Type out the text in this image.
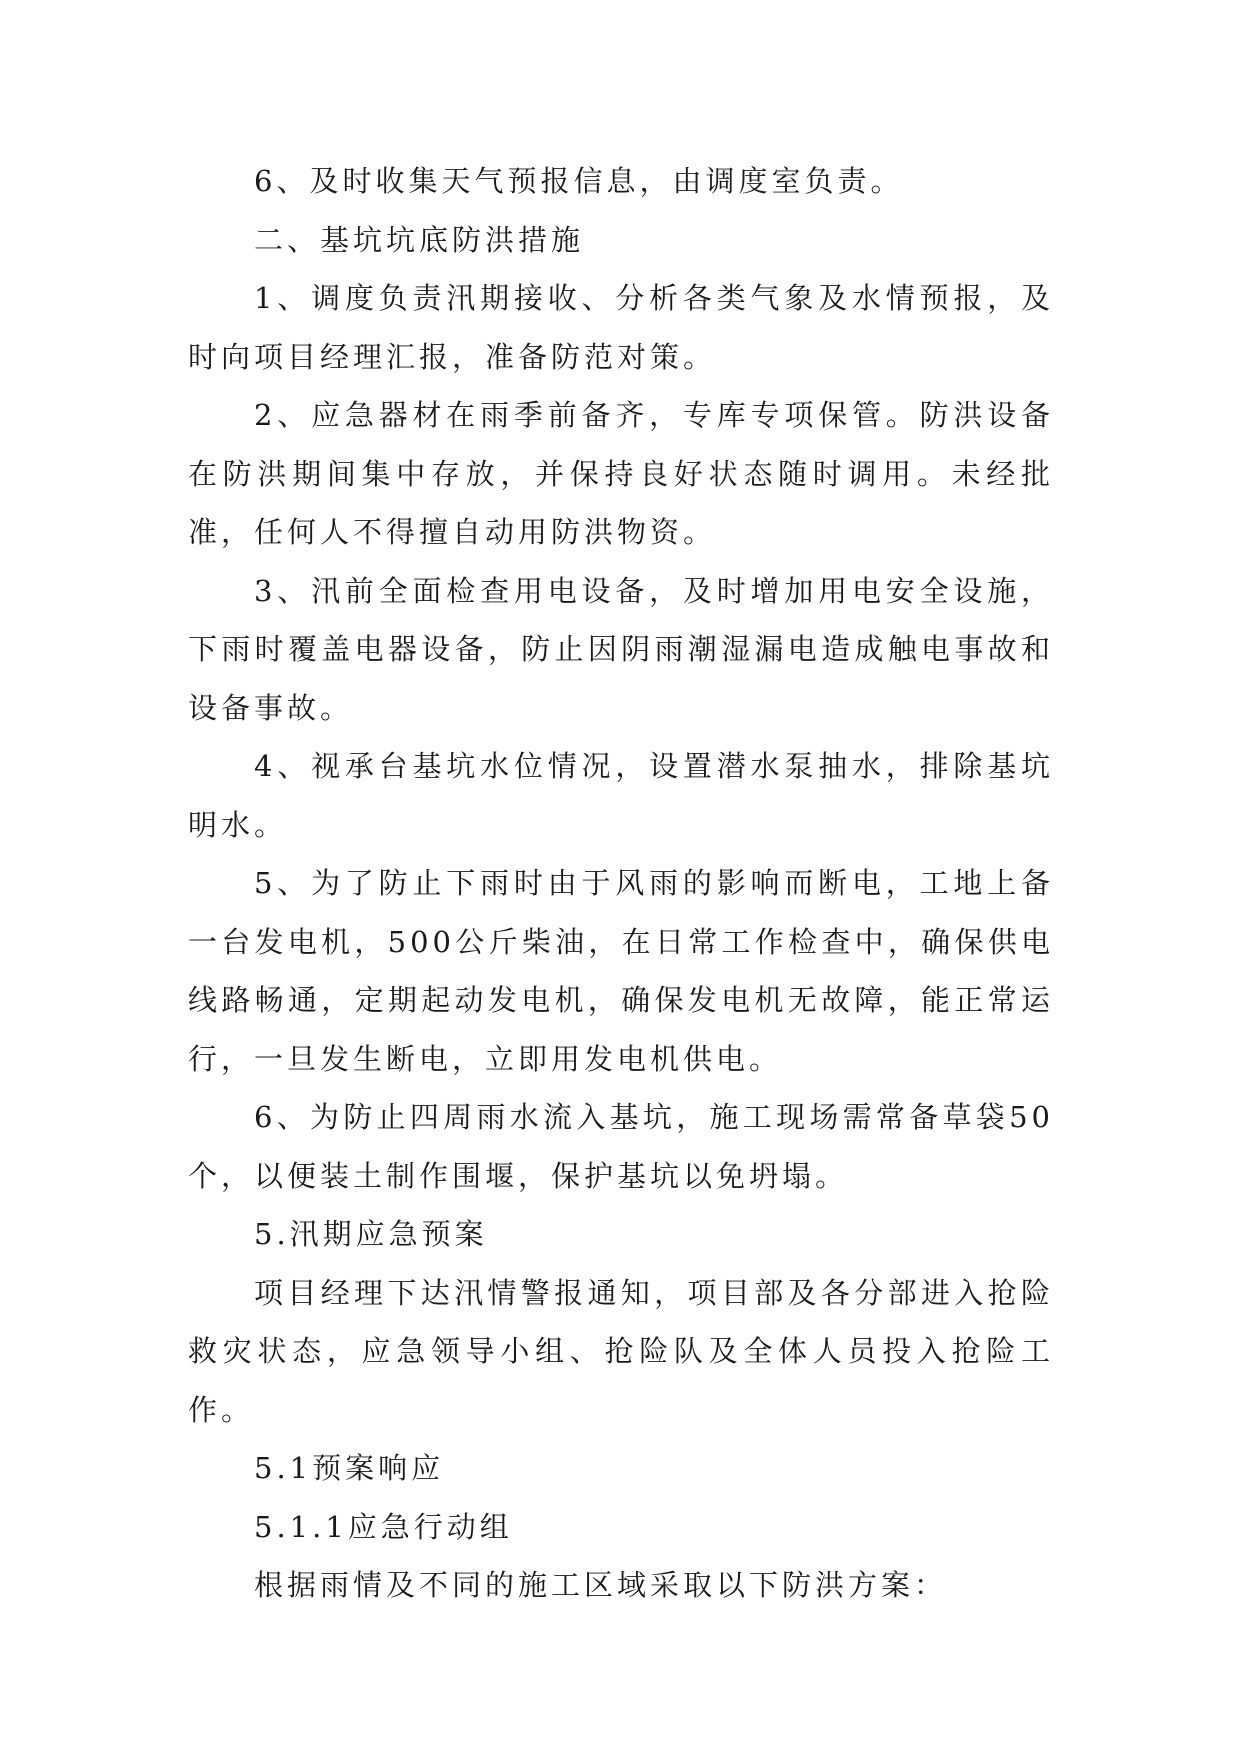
6、及时收集天气预报信息，由调度室负责。

二、基坑坑底防洪措施

1、调度负责汛期接收、分析各类气象及水情预报，及时向项目经理汇报，准备防范对策。

2、应急器材在雨季前备齐，专库专项保管。防洪设备在防洪期间集中存放，并保持良好状态随时调用。未经批准，任何人不得擅自动用防洪物资。

3、汛前全面检查用电设备，及时增加用电安全设施，下雨时覆盖电器设备，防止因阴雨潮湿漏电造成触电事故和设备事故。

4、视承台基坑水位情况，设置潜水泵抽水，排除基坑明水。

5、为了防止下雨时由于风雨的影响而断电，工地上备一台发电机，500公斤柴油，在日常工作检查中，确保供电线路畅通，定期起动发电机，确保发电机无故障，能正常运行，一旦发生断电，立即用发电机供电。

6、为防止四周雨水流入基坑，施工现场需常备草袋50个，以便装土制作围堰，保护基坑以免坍塌。

5.汛期应急预案

项目经理下达汛情警报通知，项目部及各分部进入抢险救灾状态，应急领导小组、抢险队及全体人员投入抢险工作。

5.1预案响应

5.1.1应急行动组

根据雨情及不同的施工区域采取以下防洪方案：
